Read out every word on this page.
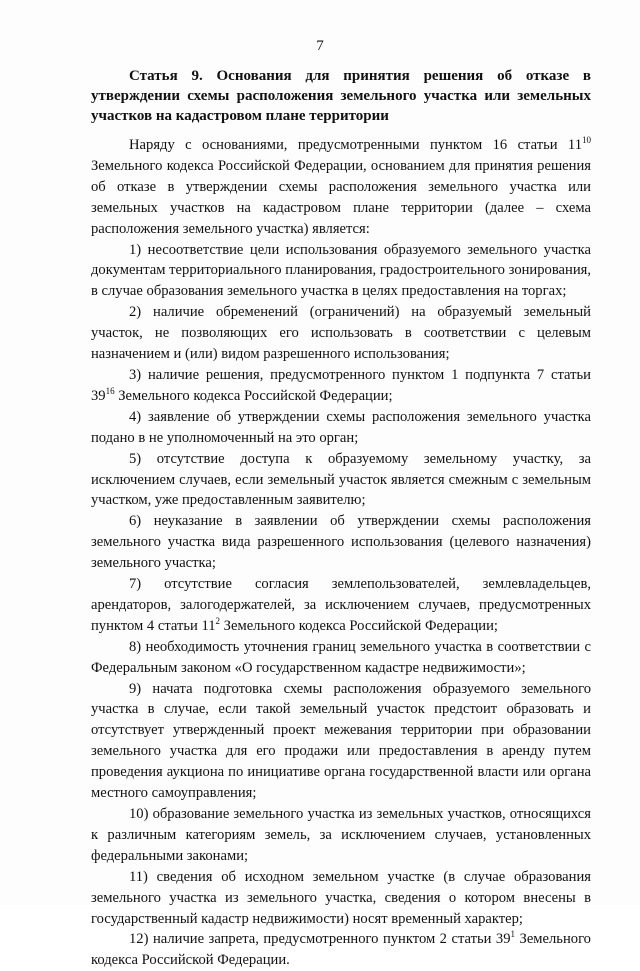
7
Статья 9. Основания для принятия решения об отказе в утверждении схемы расположения земельного участка или земельных участков на кадастровом плане территории

Наряду с основаниями, предусмотренными пунктом 16 статьи $11^{10}$ Земельного кодекса Российской Федерации, основанием для принятия решения об отказе в утверждении схемы расположения земельного участка или земельных участков на кадастровом плане территории (далее – схема расположения земельного участка) является:

1) несоответствие цели использования образуемого земельного участка документам территориального планирования, градостроительного зонирования, в случае образования земельного участка в целях предоставления на торгах;

2) наличие обременений (ограничений) на образуемый земельный участок, не позволяющих его использовать в соответствии с целевым назначением и (или) видом разрешенного использования;

3) наличие решения, предусмотренного пунктом 1 подпункта 7 статьи $39^{16}$ Земельного кодекса Российской Федерации;

4) заявление об утверждении схемы расположения земельного участка подано в не уполномоченный на это орган;

5) отсутствие доступа к образуемому земельному участку, за исключением случаев, если земельный участок является смежным с земельным участком, уже предоставленным заявителю;

6) неуказание в заявлении об утверждении схемы расположения земельного участка вида разрешенного использования (целевого назначения) земельного участка;

7) отсутствие согласия землепользователей, землевладельцев, арендаторов, залогодержателей, за исключением случаев, предусмотренных пунктом 4 статьи $11^2$ Земельного кодекса Российской Федерации;

8) необходимость уточнения границ земельного участка в соответствии с Федеральным законом «О государственном кадастре недвижимости»;

9) начата подготовка схемы расположения образуемого земельного участка в случае, если такой земельный участок предстоит образовать и отсутствует утвержденный проект межевания территории при образовании земельного участка для его продажи или предоставления в аренду путем проведения аукциона по инициативе органа государственной власти или органа местного самоуправления;

10) образование земельного участка из земельных участков, относящихся к различным категориям земель, за исключением случаев, установленных федеральными законами;

11) сведения об исходном земельном участке (в случае образования земельного участка из земельного участка, сведения о котором внесены в государственный кадастр недвижимости) носят временный характер;

12) наличие запрета, предусмотренного пунктом 2 статьи $39^1$ Земельного кодекса Российской Федерации.
